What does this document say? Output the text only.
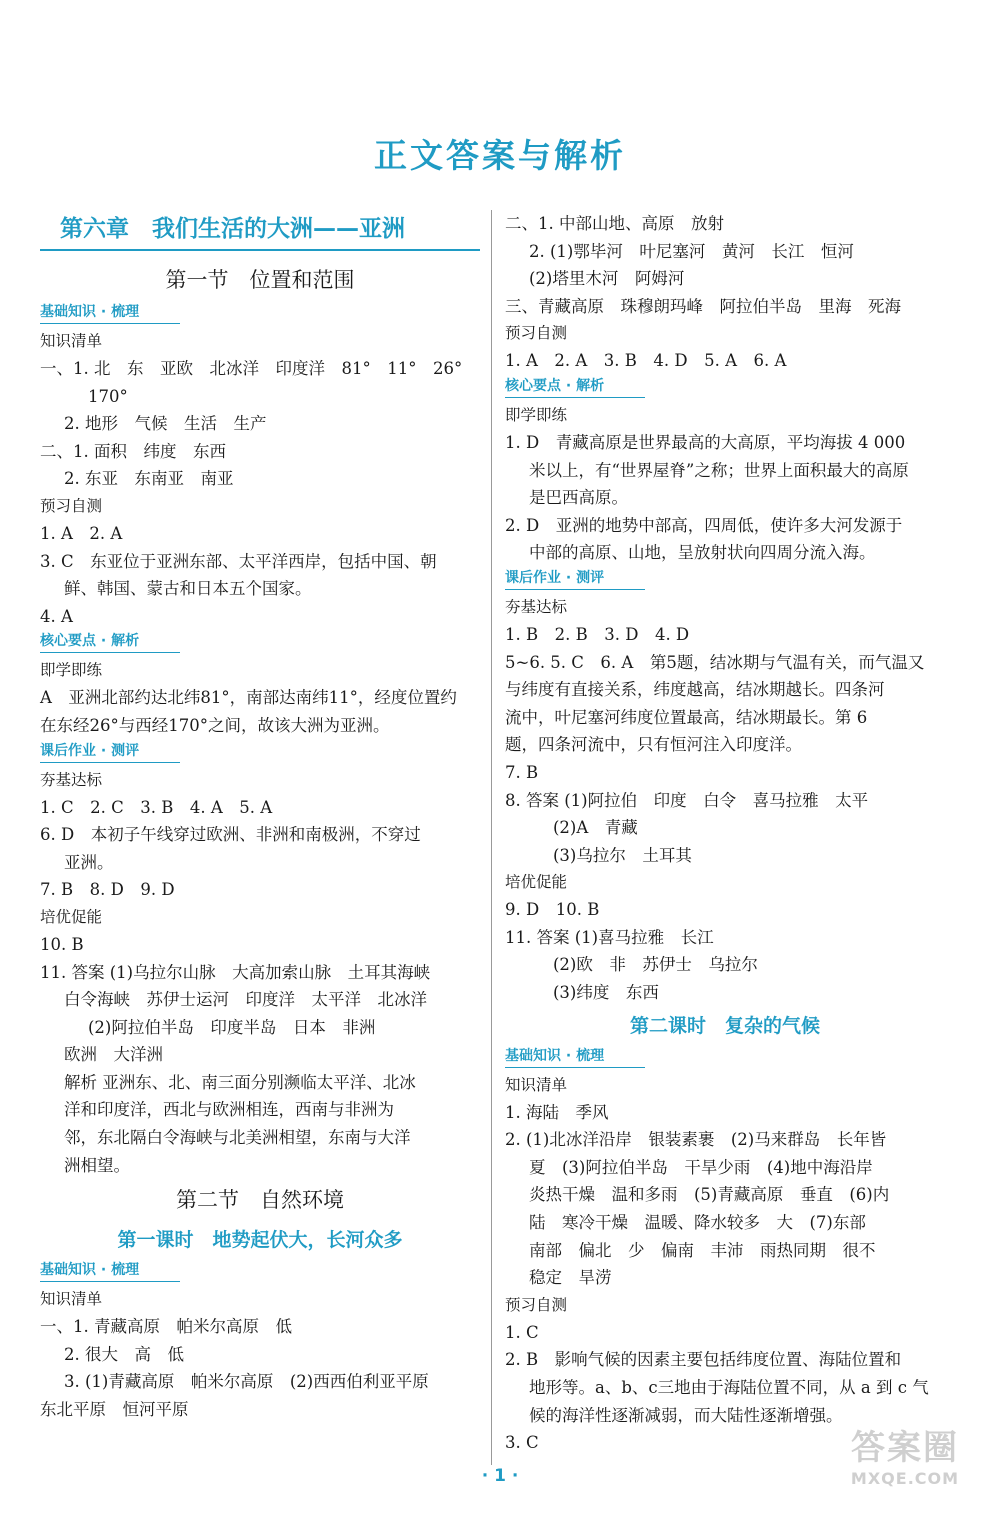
正文答案与解析
第六章　我们生活的大洲——亚洲
第一节　位置和范围
基础知识 · 梳理
知识清单
一、1. 北　东　亚欧　北冰洋　印度洋　81°　11°　26°
170°
2. 地形　气候　生活　生产
二、1. 面积　纬度　东西
2. 东亚　东南亚　南亚
预习自测
1. A　2. A
3. C　东亚位于亚洲东部、太平洋西岸，包括中国、朝
鲜、韩国、蒙古和日本五个国家。
4. A
核心要点 · 解析
即学即练
A　亚洲北部约达北纬81°，南部达南纬11°，经度位置约
在东经26°与西经170°之间，故该大洲为亚洲。
课后作业 · 测评
夯基达标
1. C　2. C　3. B　4. A　5. A
6. D　本初子午线穿过欧洲、非洲和南极洲，不穿过
亚洲。
7. B　8. D　9. D
培优促能
10. B
11. 答案 (1)乌拉尔山脉　大高加索山脉　土耳其海峡
白令海峡　苏伊士运河　印度洋　太平洋　北冰洋
(2)阿拉伯半岛　印度半岛　日本　非洲
欧洲　大洋洲
解析 亚洲东、北、南三面分别濒临太平洋、北冰
洋和印度洋，西北与欧洲相连，西南与非洲为
邻，东北隔白令海峡与北美洲相望，东南与大洋
洲相望。
第二节　自然环境
第一课时　地势起伏大，长河众多
基础知识 · 梳理
知识清单
一、1. 青藏高原　帕米尔高原　低
2. 很大　高　低
3. (1)青藏高原　帕米尔高原　(2)西西伯利亚平原
东北平原　恒河平原
二、1. 中部山地、高原　放射
2. (1)鄂毕河　叶尼塞河　黄河　长江　恒河
(2)塔里木河　阿姆河
三、青藏高原　珠穆朗玛峰　阿拉伯半岛　里海　死海
预习自测
1. A　2. A　3. B　4. D　5. A　6. A
核心要点 · 解析
即学即练
1. D　青藏高原是世界最高的大高原，平均海拔 4 000
米以上，有“世界屋脊”之称；世界上面积最大的高原
是巴西高原。
2. D　亚洲的地势中部高，四周低，使许多大河发源于
中部的高原、山地，呈放射状向四周分流入海。
课后作业 · 测评
夯基达标
1. B　2. B　3. D　4. D
5~6. 5. C　6. A　第5题，结冰期与气温有关，而气温又
与纬度有直接关系，纬度越高，结冰期越长。四条河
流中，叶尼塞河纬度位置最高，结冰期最长。第 6
题，四条河流中，只有恒河注入印度洋。
7. B
8. 答案 (1)阿拉伯　印度　白令　喜马拉雅　太平
(2)A　青藏
(3)乌拉尔　土耳其
培优促能
9. D　10. B
11. 答案 (1)喜马拉雅　长江
(2)欧　非　苏伊士　乌拉尔
(3)纬度　东西
第二课时　复杂的气候
基础知识 · 梳理
知识清单
1. 海陆　季风
2. (1)北冰洋沿岸　银装素裹　(2)马来群岛　长年皆
夏　(3)阿拉伯半岛　干旱少雨　(4)地中海沿岸
炎热干燥　温和多雨　(5)青藏高原　垂直　(6)内
陆　寒冷干燥　温暖、降水较多　大　(7)东部
南部　偏北　少　偏南　丰沛　雨热同期　很不
稳定　旱涝
预习自测
1. C
2. B　影响气候的因素主要包括纬度位置、海陆位置和
地形等。a、b、c三地由于海陆位置不同，从 a 到 c 气
候的海洋性逐渐减弱，而大陆性逐渐增强。
3. C
· 1 ·
答案圈
MXQE.COM
